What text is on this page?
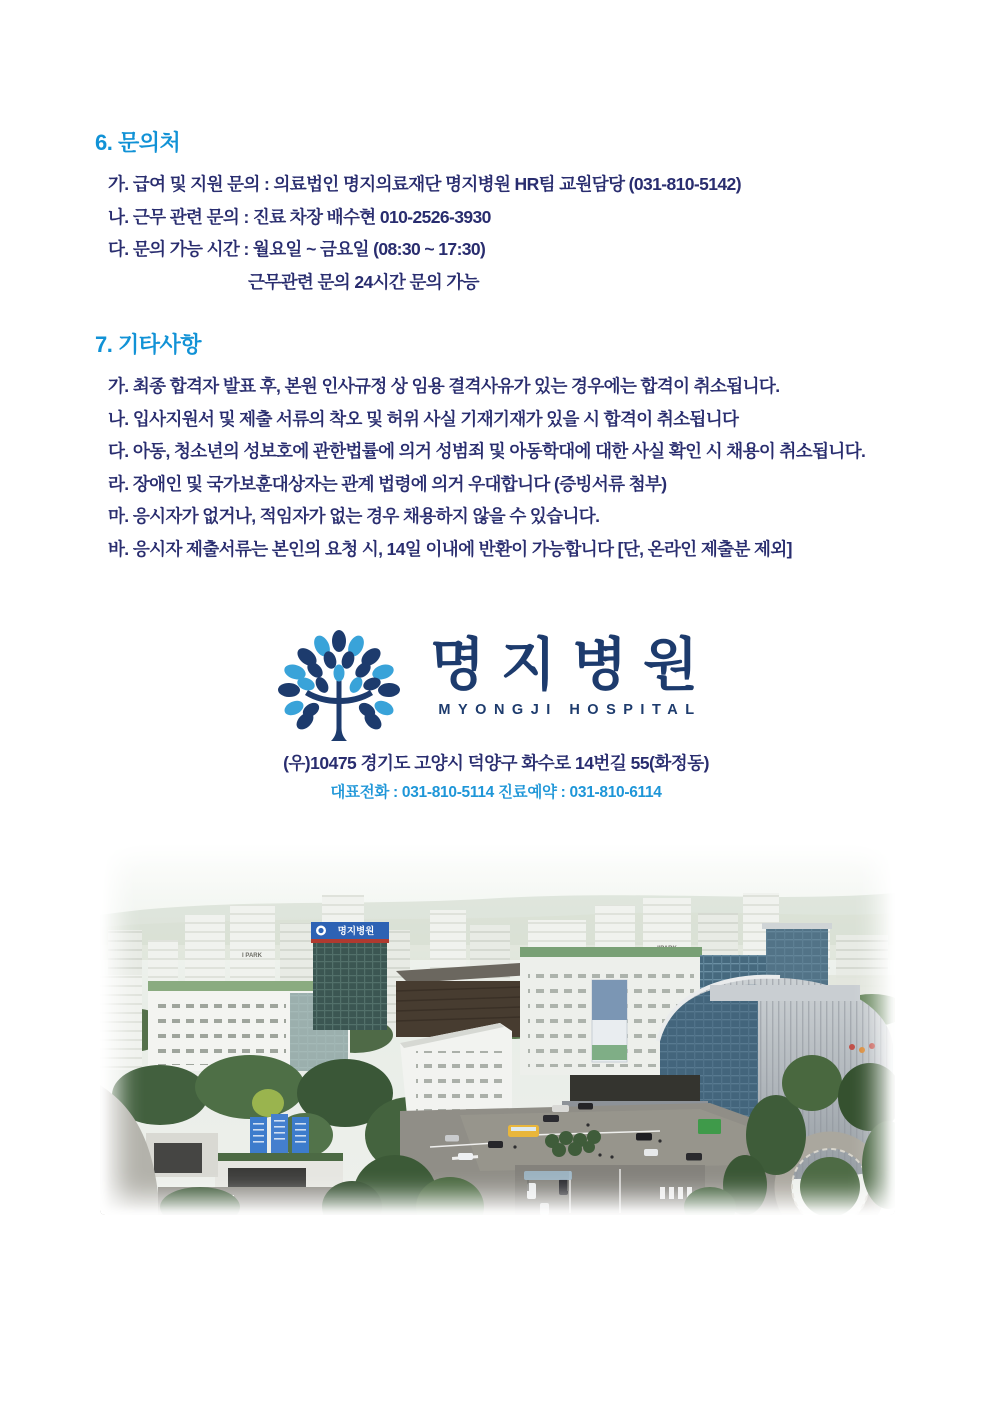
6. 문의처
가. 급여 및 지원 문의 : 의료법인 명지의료재단 명지병원 HR팀 교원담당 (031-810-5142)
나. 근무 관련 문의 : 진료 차장 배수현 010-2526-3930
다. 문의 가능 시간 : 월요일 ~ 금요일 (08:30 ~ 17:30)
근무관련 문의 24시간 문의 가능
7. 기타사항
가. 최종 합격자 발표 후, 본원 인사규정 상 임용 결격사유가 있는 경우에는 합격이 취소됩니다.
나. 입사지원서 및 제출 서류의 착오 및 허위 사실 기재기재가 있을 시 합격이 취소됩니다
다. 아동, 청소년의 성보호에 관한법률에 의거 성범죄 및 아동학대에 대한 사실 확인 시 채용이 취소됩니다.
라. 장애인 및 국가보훈대상자는 관계 법령에 의거 우대합니다 (증빙서류 첨부)
마. 응시자가 없거나, 적임자가 없는 경우 채용하지 않을 수 있습니다.
바. 응시자 제출서류는 본인의 요청 시, 14일 이내에 반환이 가능합니다 [단, 온라인 제출분 제외]
명지병원
MYONGJI HOSPITAL
(우)10475 경기도 고양시 덕양구 화수로 14번길 55(화정동)
대표전화 : 031-810-5114 진료예약 : 031-810-6114
I PARK
명지병원
